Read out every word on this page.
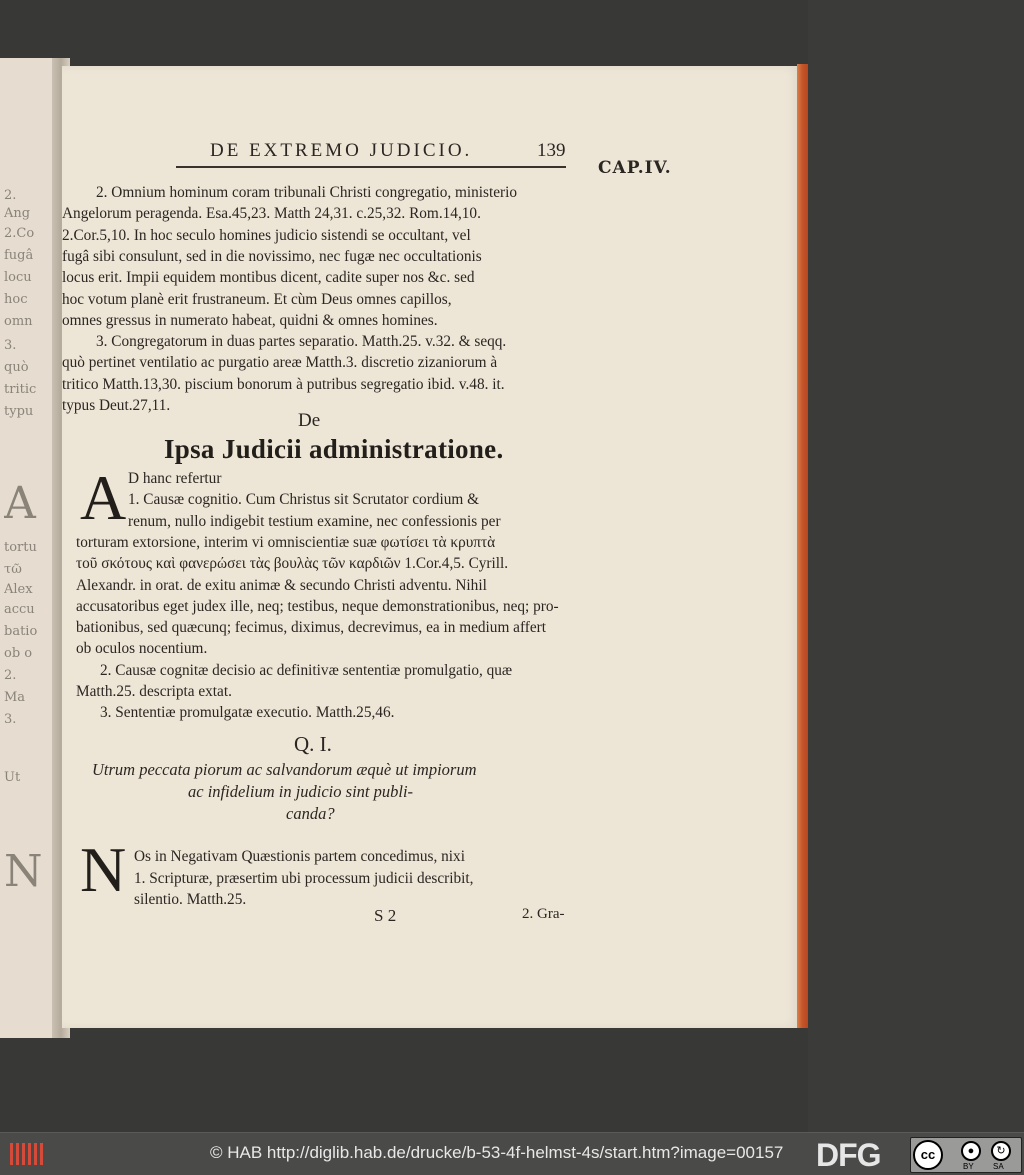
DE EXTREMO JUDICIO.	139
CAP.IV.
2. Omnium hominum coram tribunali Christi congregatio, ministerio
Angelorum peragenda. Esa.45,23. Matth 24,31. c.25,32. Rom.14,10.
2.Cor.5,10. In hoc seculo homines judicio sistendi se occultant, vel
fugâ sibi consulunt, sed in die novissimo, nec fugæ nec occultationis
locus erit. Impii equidem montibus dicent, cadite super nos &c. sed
hoc votum planè erit frustraneum. Et cùm Deus omnes capillos,
omnes gressus in numerato habeat, quidni & omnes homines.
3. Congregatorum in duas partes separatio. Matth.25. v.32. & seqq.
quò pertinet ventilatio ac purgatio areæ Matth.3. discretio zizaniorum à
tritico Matth.13,30. piscium bonorum à putribus segregatio ibid. v.48. it.
typus Deut.27,11.
De
Ipsa Judicii administratione.
A D hanc refertur
1. Causæ cognitio. Cum Christus sit Scrutator cordium &
renum, nullo indigebit testium examine, nec confessionis per
torturam extorsione, interim vi omniscientiæ suæ φωτίσει τὰ κρυπτὰ
τοῦ σκότους καὶ φανερώσει τὰς βουλὰς τῶν καρδιῶν 1.Cor.4,5. Cyrill.
Alexandr. in orat. de exitu animæ & secundo Christi adventu. Nihil
accusatoribus eget judex ille, neq; testibus, neque demonstrationibus, neq; pro-
bationibus, sed quæcunq; fecimus, diximus, decrevimus, ea in medium affert
ob oculos nocentium.
2. Causæ cognitæ decisio ac definitivæ sententiæ promulgatio, quæ
Matth.25. descripta extat.
3. Sententiæ promulgatæ executio. Matth.25,46.
Q. I.
Utrum peccata piorum ac salvandorum æquè ut impiorum
ac infidelium in judicio sint publi-
canda?
N Os in Negativam Quæstionis partem concedimus, nixi
1. Scripturæ, præsertim ubi processum judicii describit,
silentio. Matth.25.
S 2	2. Gra-
2.
Ang
2.Co
fugâ
locu
hoc
omn
3.
quò
tritic
typu
A
tortu
τῶ
Alex
accu
batio
ob o
2.
Ma
3.
Ut
N
© HAB http://diglib.hab.de/drucke/b-53-4f-helmst-4s/start.htm?image=00157 DFG	cc	●	↻
BY SA
